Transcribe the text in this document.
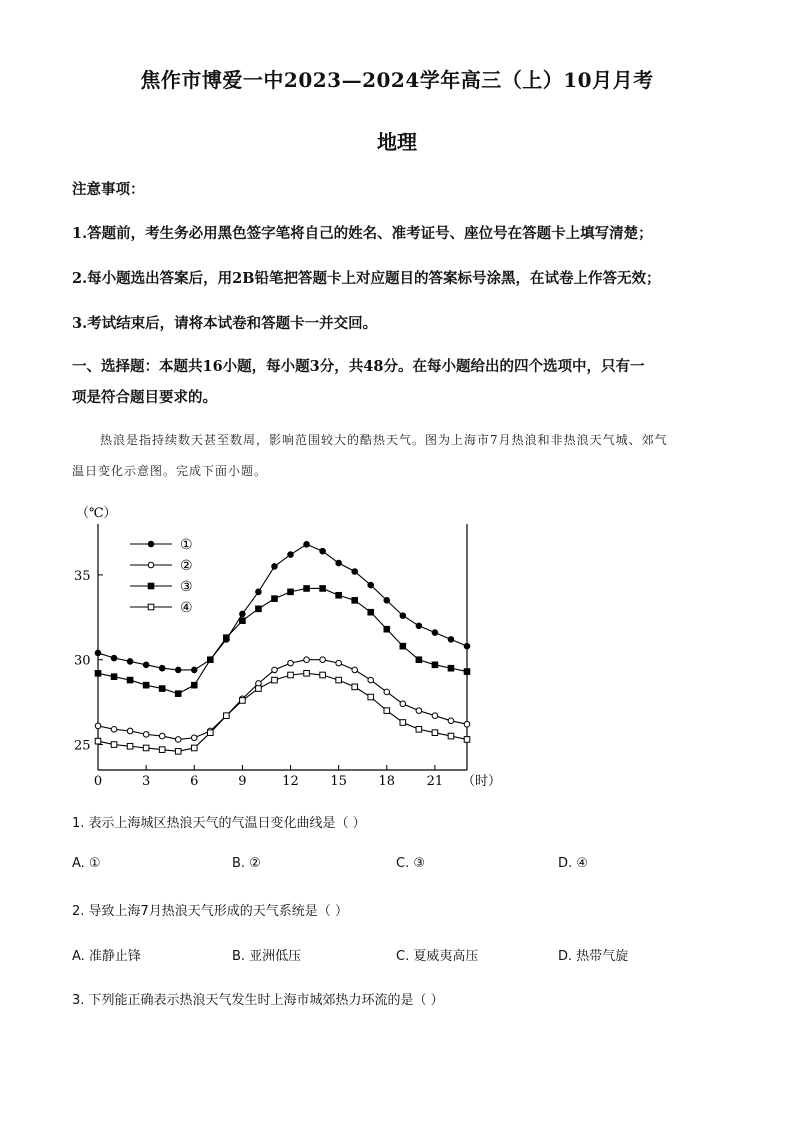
焦作市博爱一中2023—2024学年高三（上）10月月考
地理
注意事项：
1.答题前，考生务必用黑色签字笔将自己的姓名、准考证号、座位号在答题卡上填写清楚；
2.每小题选出答案后，用2B铅笔把答题卡上对应题目的答案标号涂黑，在试卷上作答无效；
3.考试结束后，请将本试卷和答题卡一并交回。
一、选择题：本题共16小题，每小题3分，共48分。在每小题给出的四个选项中，只有一
项是符合题目要求的。
热浪是指持续数天甚至数周，影响范围较大的酷热天气。图为上海市7月热浪和非热浪天气城、郊气
温日变化示意图。完成下面小题。
（℃）
25
30
35
0	3	6	9	12 15 18 21 （时）
①
②
③
④
1. 表示上海城区热浪天气的气温日变化曲线是（ ）
A. ①	B. ②	C. ③	D. ④
2. 导致上海7月热浪天气形成的天气系统是（ ）
A. 准静止锋	B. 亚洲低压	C. 夏威夷高压	D. 热带气旋
3. 下列能正确表示热浪天气发生时上海市城郊热力环流的是（ ）
